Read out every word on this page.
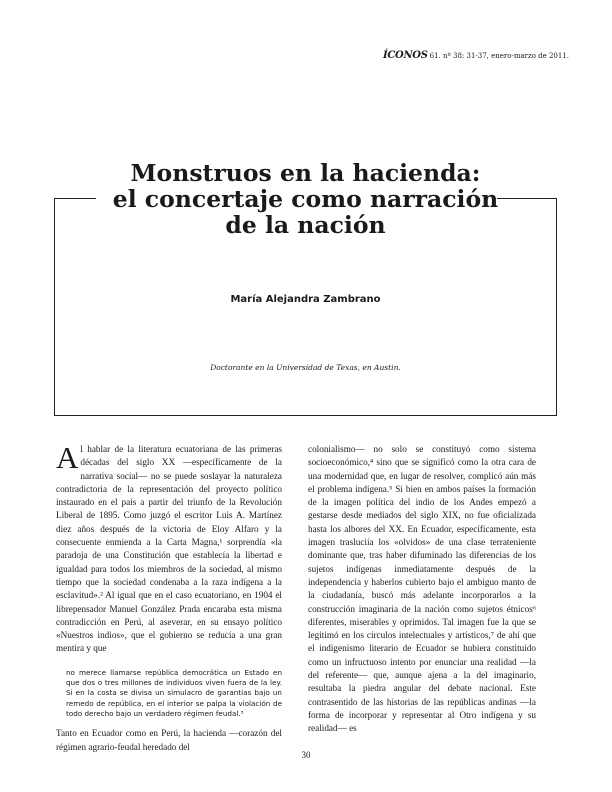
ÍCONOS 61. nº 38: 31-37, enero-marzo de 2011.
Monstruos en la hacienda:
el concertaje como narración
de la nación
María Alejandra Zambrano
Doctorante en la Universidad de Texas, en Austin.

A l hablar de la literatura ecuatoriana de las primeras décadas del siglo XX —específicamente de la narrativa social— no se puede soslayar la naturaleza contradictoria de la representación del proyecto político instaurado en el país a partir del triunfo de la Revolución Liberal de 1895. Como juzgó el escritor Luis A. Martínez diez años después de la victoria de Eloy Alfaro y la consecuente enmienda a la Carta Magna,¹ sorprendía «la paradoja de una Constitución que establecía la libertad e igualdad para todos los miembros de la sociedad, al mismo tiempo que la sociedad condenaba a la raza indígena a la esclavitud».² Al igual que en el caso ecuatoriano, en 1904 el librepensador Manuel González Prada encaraba esta misma contradicción en Perú, al aseverar, en su ensayo político «Nuestros indios», que el gobierno se reducía a una gran mentira y que

no merece llamarse república democrática un Estado en que dos o tres millones de individuos viven fuera de la ley. Si en la costa se divisa un simulacro de garantías bajo un remedo de república, en el interior se palpa la violación de todo derecho bajo un verdadero régimen feudal.³

Tanto en Ecuador como en Perú, la hacienda —corazón del régimen agrario-feudal heredado del

colonialismo— no solo se constituyó como sistema socioeconómico,⁴ sino que se significó como la otra cara de una modernidad que, en lugar de resolver, complicó aún más el problema indígena.⁵ Si bien en ambos países la formación de la imagen política del indio de los Andes empezó a gestarse desde mediados del siglo XIX, no fue oficializada hasta los albores del XX. En Ecuador, específicamente, esta imagen trasluciía los «olvidos» de una clase terrateniente dominante que, tras haber difuminado las diferencias de los sujetos indígenas inmediatamente después de la independencia y haberlos cubierto bajo el ambiguo manto de la ciudadanía, buscó más adelante incorporarlos a la construcción imaginaria de la nación como sujetos étnicos⁶ diferentes, miserables y oprimidos. Tal imagen fue la que se legitimó en los círculos intelectuales y artísticos,⁷ de ahí que el indigenismo literario de Ecuador se hubiera constituido como un infructuoso intento por enunciar una realidad —la del referente— que, aunque ajena a la del imaginario, resultaba la piedra angular del debate nacional. Este contrasentido de las historias de las repúblicas andinas —la forma de incorporar y representar al Otro indígena y su realidad— es

30
